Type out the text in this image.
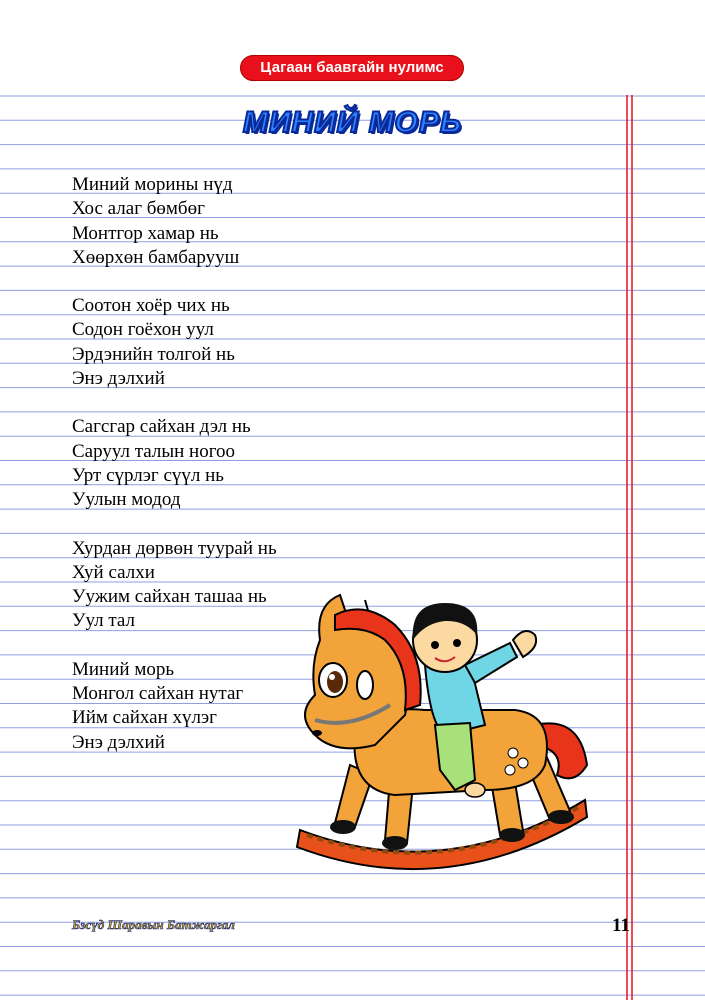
Цагаан баавгайн нулимс
МИНИЙ МОРЬ
Миний морины нүд
Хос алаг бөмбөг
Монтгор хамар нь
Хөөрхөн бамбарууш
Соотон хоёр чих нь
Содон гоёхон уул
Эрдэнийн толгой нь
Энэ дэлхий
Сагсгар сайхан дэл нь
Саруул талын ногоо
Урт сүрлэг сүүл нь
Уулын модод
Хурдан дөрвөн туурай нь
Хуй салхи
Уужим сайхан ташаа нь
Уул тал
Миний морь
Монгол сайхан нутаг
Ийм сайхан хүлэг
Энэ дэлхий
Бэсүд Шаравын Батжаргал	11
